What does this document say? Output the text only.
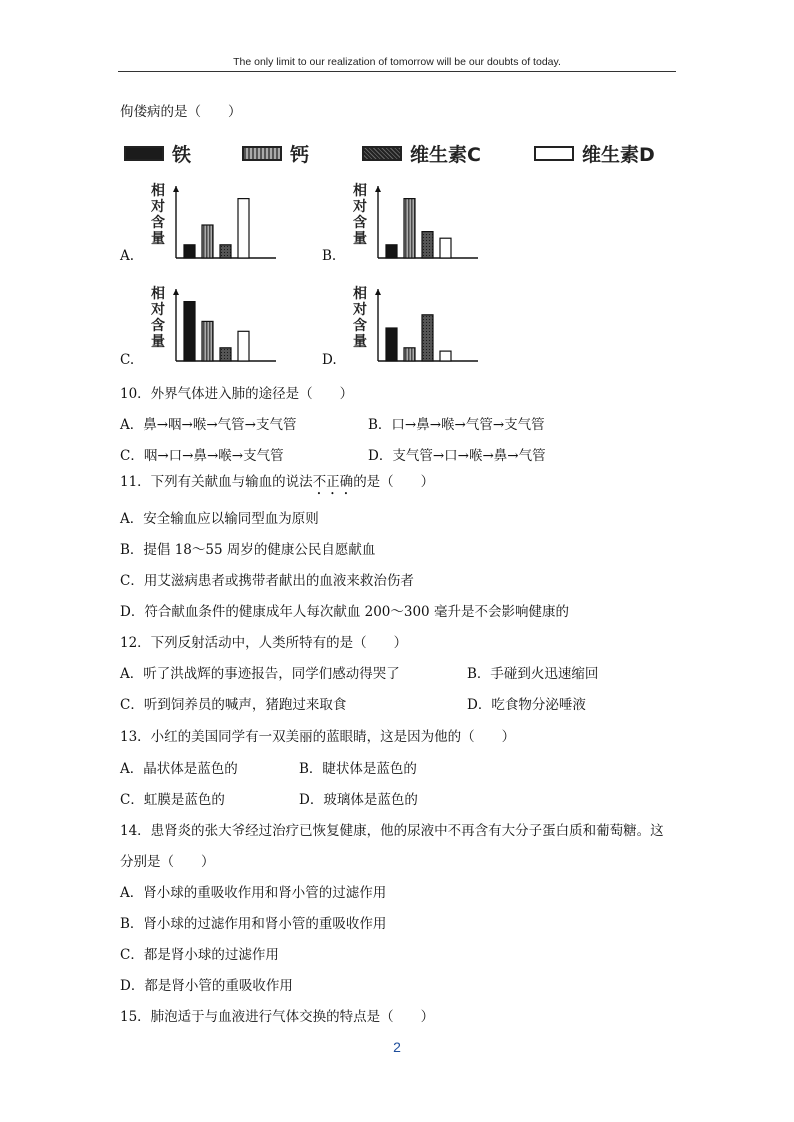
The only limit to our realization of tomorrow will be our doubts of today.
佝偻病的是（　　）
铁	钙	维生素C	维生素D
A.
相
对
含
量
B.
相
对
含
量
C.
相
对
含
量
D.
相
对
含
量
10．外界气体进入肺的途径是（　　）
A．鼻→咽→喉→气管→支气管	B．口→鼻→喉→气管→支气管
C．咽→口→鼻→喉→支气管	D．支气管→口→喉→鼻→气管
11．下列有关献血与输血的说法不正确的是（　　）
A．安全输血应以输同型血为原则
B．提倡 18～55 周岁的健康公民自愿献血
C．用艾滋病患者或携带者献出的血液来救治伤者
D．符合献血条件的健康成年人每次献血 200～300 毫升是不会影响健康的
12．下列反射活动中，人类所特有的是（　　）
A．听了洪战辉的事迹报告，同学们感动得哭了	B．手碰到火迅速缩回
C．听到饲养员的喊声，猪跑过来取食	D．吃食物分泌唾液
13．小红的美国同学有一双美丽的蓝眼睛，这是因为他的（　　）
A．晶状体是蓝色的	B．睫状体是蓝色的
C．虹膜是蓝色的	D．玻璃体是蓝色的
14．患肾炎的张大爷经过治疗已恢复健康，他的尿液中不再含有大分子蛋白质和葡萄糖。这
分别是（　　）
A．肾小球的重吸收作用和肾小管的过滤作用
B．肾小球的过滤作用和肾小管的重吸收作用
C．都是肾小球的过滤作用
D．都是肾小管的重吸收作用
15．肺泡适于与血液进行气体交换的特点是（　　）
2
